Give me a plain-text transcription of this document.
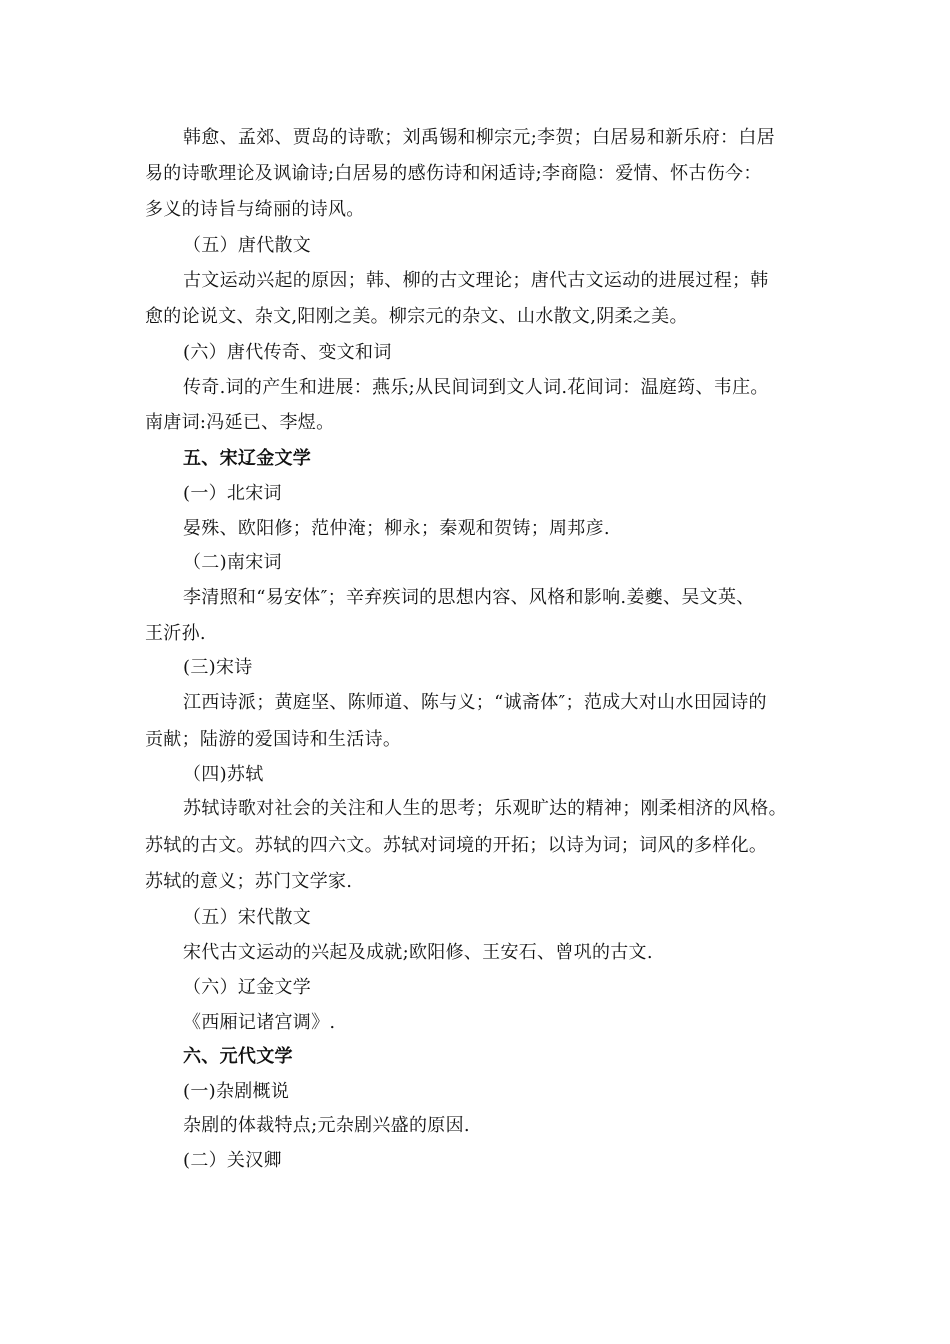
韩愈、孟郊、贾岛的诗歌；刘禹锡和柳宗元;李贺；白居易和新乐府：白居
易的诗歌理论及讽谕诗;白居易的感伤诗和闲适诗;李商隐：爱情、怀古伤今：
多义的诗旨与绮丽的诗风。
（五）唐代散文
古文运动兴起的原因；韩、柳的古文理论；唐代古文运动的进展过程；韩
愈的论说文、杂文,阳刚之美。柳宗元的杂文、山水散文,阴柔之美。
(六）唐代传奇、变文和词
传奇.词的产生和进展：燕乐;从民间词到文人词.花间词：温庭筠、韦庄。
南唐词:冯延已、李煜。
五、宋辽金文学
(一）北宋词
晏殊、欧阳修；范仲淹；柳永；秦观和贺铸；周邦彦.
（二)南宋词
李清照和“易安体″；辛弃疾词的思想内容、风格和影响.姜夔、吴文英、
王沂孙.
(三)宋诗
江西诗派；黄庭坚、陈师道、陈与义；“诚斋体″；范成大对山水田园诗的
贡献；陆游的爱国诗和生活诗。
（四)苏轼
苏轼诗歌对社会的关注和人生的思考；乐观旷达的精神；刚柔相济的风格。
苏轼的古文。苏轼的四六文。苏轼对词境的开拓；以诗为词；词风的多样化。
苏轼的意义；苏门文学家.
（五）宋代散文
宋代古文运动的兴起及成就;欧阳修、王安石、曾巩的古文.
（六）辽金文学
《西厢记诸宫调》.
六、元代文学
(一)杂剧概说
杂剧的体裁特点;元杂剧兴盛的原因.
(二）关汉卿
